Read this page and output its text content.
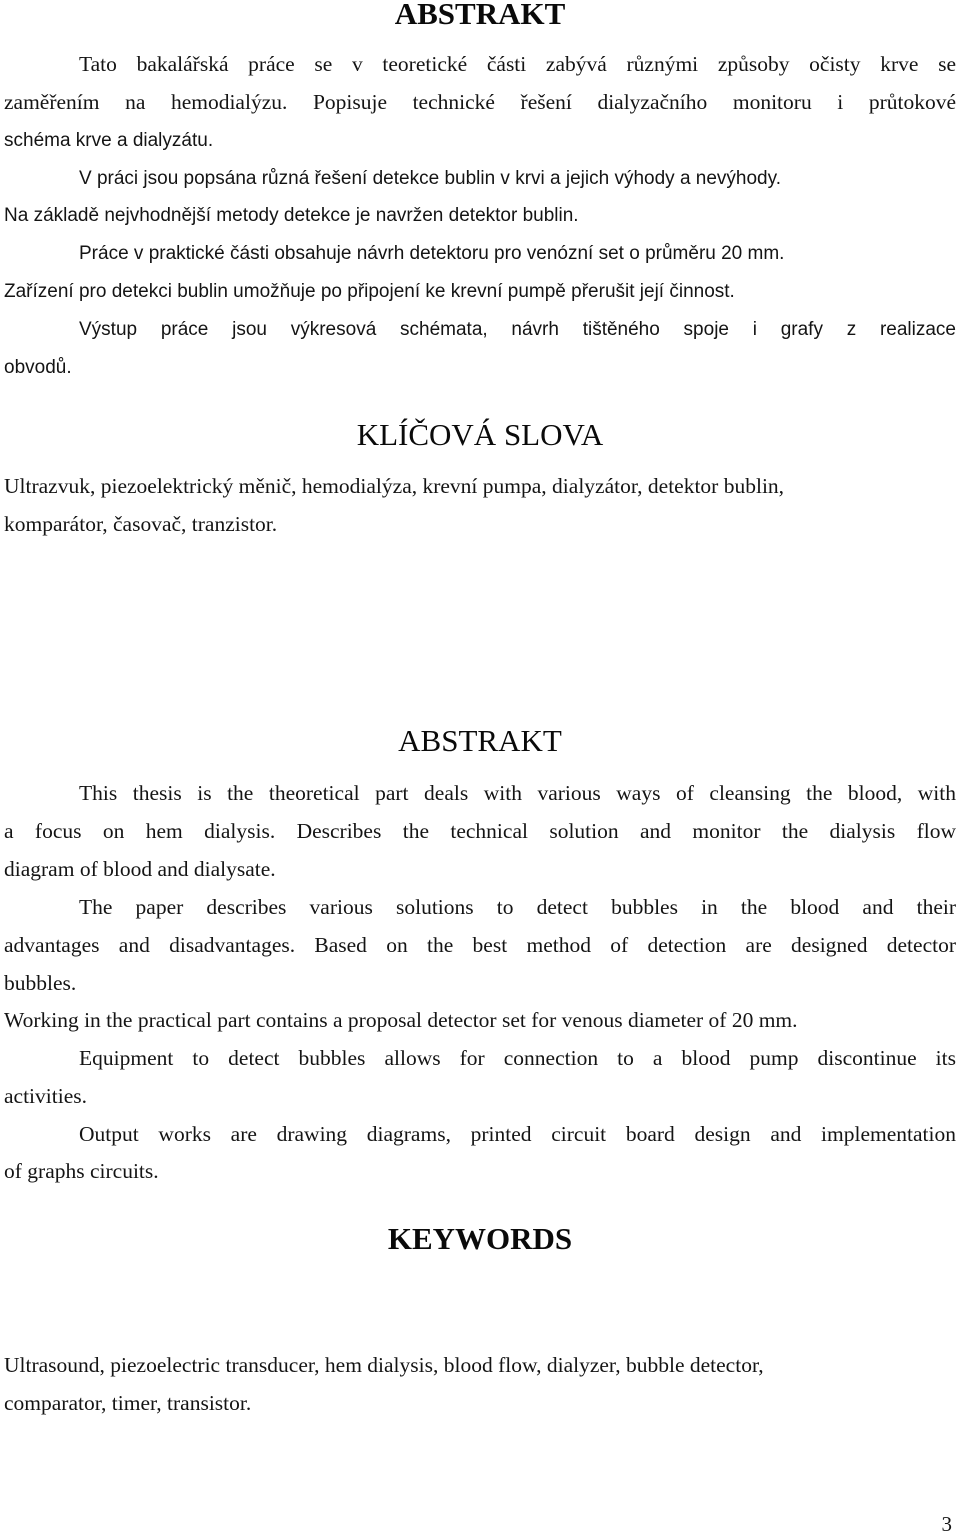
ABSTRAKT
Tato bakalářská práce se v teoretické části zabývá různými způsoby očisty krve se
zaměřením na hemodialýzu. Popisuje technické řešení dialyzačního monitoru i průtokové
schéma krve a dialyzátu.
V práci jsou popsána různá řešení detekce bublin v krvi a jejich výhody a nevýhody.
Na základě nejvhodnější metody detekce je navržen detektor bublin.
Práce v praktické části obsahuje návrh detektoru pro venózní set o průměru 20 mm.
Zařízení pro detekci bublin umožňuje po připojení ke krevní pumpě přerušit její činnost.
Výstup práce jsou výkresová schémata, návrh tištěného spoje i grafy z realizace
obvodů.
KLÍČOVÁ SLOVA
Ultrazvuk, piezoelektrický měnič, hemodialýza, krevní pumpa, dialyzátor, detektor bublin,
komparátor, časovač, tranzistor.
ABSTRAKT
This thesis is the theoretical part deals with various ways of cleansing the blood, with
a focus on hem dialysis. Describes the technical solution and monitor the dialysis flow
diagram of blood and dialysate.
The paper describes various solutions to detect bubbles in the blood and their
advantages and disadvantages. Based on the best method of detection are designed detector
bubbles.
Working in the practical part contains a proposal detector set for venous diameter of 20 mm.
Equipment to detect bubbles allows for connection to a blood pump discontinue its
activities.
Output works are drawing diagrams, printed circuit board design and implementation
of graphs circuits.
KEYWORDS
Ultrasound, piezoelectric transducer, hem dialysis, blood flow, dialyzer, bubble detector,
comparator, timer, transistor.
3
